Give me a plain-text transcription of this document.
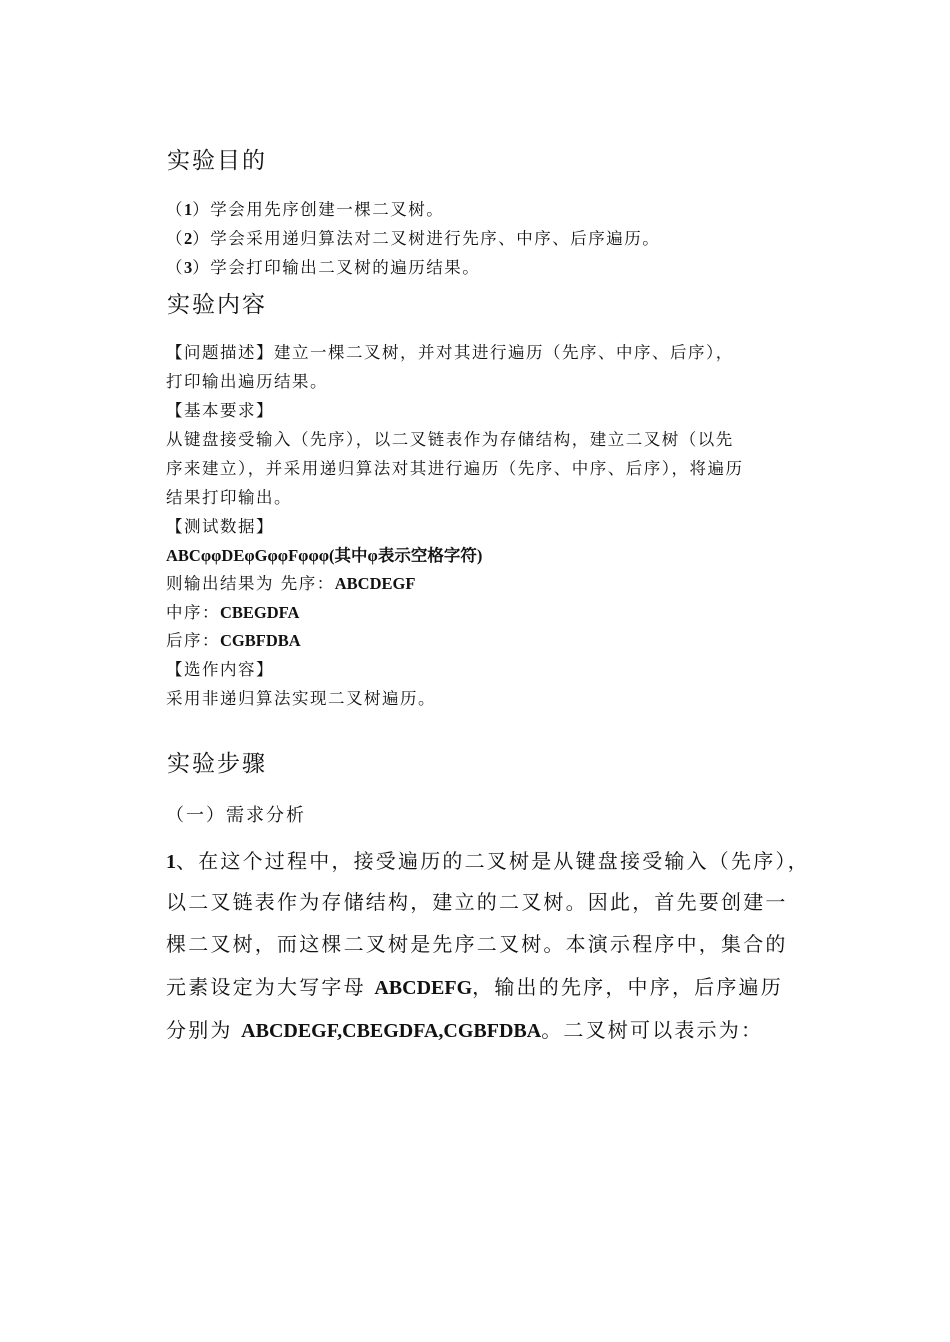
实验目的
（1）学会用先序创建一棵二叉树。
（2）学会采用递归算法对二叉树进行先序、中序、后序遍历。
（3）学会打印输出二叉树的遍历结果。
实验内容
【问题描述】建立一棵二叉树，并对其进行遍历（先序、中序、后序），
打印输出遍历结果。
【基本要求】
从键盘接受输入（先序），以二叉链表作为存储结构，建立二叉树（以先
序来建立），并采用递归算法对其进行遍历（先序、中序、后序），将遍历
结果打印输出。
【测试数据】
ABCφφDEφGφφFφφφ(其中φ表示空格字符)
则输出结果为 先序：ABCDEGF
中序：CBEGDFA
后序：CGBFDBA
【选作内容】
采用非递归算法实现二叉树遍历。
实验步骤
（一）需求分析
1、在这个过程中，接受遍历的二叉树是从键盘接受输入（先序），
以二叉链表作为存储结构，建立的二叉树。因此，首先要创建一
棵二叉树，而这棵二叉树是先序二叉树。本演示程序中，集合的
元素设定为大写字母 ABCDEFG，输出的先序，中序，后序遍历
分别为 ABCDEGF,CBEGDFA,CGBFDBA。二叉树可以表示为：
